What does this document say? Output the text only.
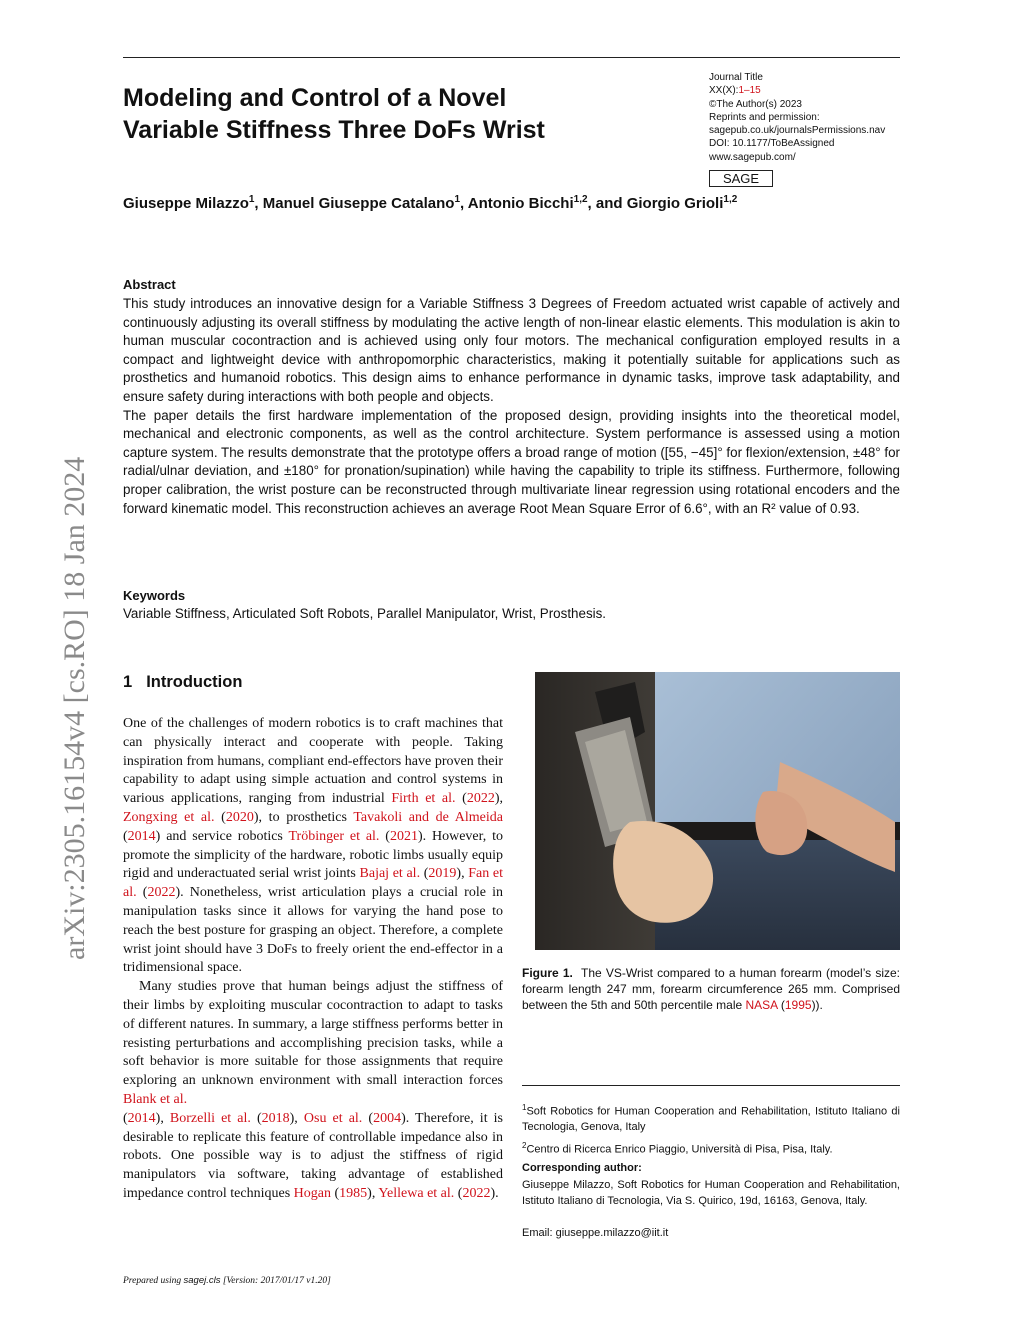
Modeling and Control of a Novel
Variable Stiffness Three DoFs Wrist
Journal Title
XX(X):1–15
©The Author(s) 2023
Reprints and permission:
sagepub.co.uk/journalsPermissions.nav
DOI: 10.1177/ToBeAssigned
www.sagepub.com/
SAGE
Giuseppe Milazzo$^1$, Manuel Giuseppe Catalano$^1$, Antonio Bicchi$^{1,2}$, and Giorgio Grioli$^{1,2}$
arXiv:2305.16154v4 [cs.RO] 18 Jan 2024
Abstract

This study introduces an innovative design for a Variable Stiffness 3 Degrees of Freedom actuated wrist capable of actively and continuously adjusting its overall stiffness by modulating the active length of non-linear elastic elements. This modulation is akin to human muscular cocontraction and is achieved using only four motors. The mechanical configuration employed results in a compact and lightweight device with anthropomorphic characteristics, making it potentially suitable for applications such as prosthetics and humanoid robotics. This design aims to enhance performance in dynamic tasks, improve task adaptability, and ensure safety during interactions with both people and objects.

The paper details the first hardware implementation of the proposed design, providing insights into the theoretical model, mechanical and electronic components, as well as the control architecture. System performance is assessed using a motion capture system. The results demonstrate that the prototype offers a broad range of motion ([55, −45]° for flexion/extension, ±48° for radial/ulnar deviation, and ±180° for pronation/supination) while having the capability to triple its stiffness. Furthermore, following proper calibration, the wrist posture can be reconstructed through multivariate linear regression using rotational encoders and the forward kinematic model. This reconstruction achieves an average Root Mean Square Error of 6.6°, with an R² value of 0.93.

Keywords
Variable Stiffness, Articulated Soft Robots, Parallel Manipulator, Wrist, Prosthesis.
1 Introduction

One of the challenges of modern robotics is to craft machines that can physically interact and cooperate with people. Taking inspiration from humans, compliant end-effectors have proven their capability to adapt using simple actuation and control systems in various applications, ranging from industrial Firth et al. (2022), Zongxing et al. (2020), to prosthetics Tavakoli and de Almeida (2014) and service robotics Tröbinger et al. (2021). However, to promote the simplicity of the hardware, robotic limbs usually equip rigid and underactuated serial wrist joints Bajaj et al. (2019), Fan et al. (2022). Nonetheless, wrist articulation plays a crucial role in manipulation tasks since it allows for varying the hand pose to reach the best posture for grasping an object. Therefore, a complete wrist joint should have 3 DoFs to freely orient the end-effector in a tridimensional space.

Many studies prove that human beings adjust the stiffness of their limbs by exploiting muscular cocontraction to adapt to tasks of different natures. In summary, a large stiffness performs better in resisting perturbations and accomplishing precision tasks, while a soft behavior is more suitable for those assignments that require exploring an unknown environment with small interaction forces Blank et al.
(2014), Borzelli et al. (2018), Osu et al. (2004). Therefore, it is desirable to replicate this feature of controllable impedance also in robots. One possible way is to adjust the stiffness of rigid manipulators via software, taking advantage of established impedance control techniques Hogan (1985), Yellewa et al. (2022).

Figure 1. The VS-Wrist compared to a human forearm (model’s size: forearm length 247 mm, forearm circumference 265 mm. Comprised between the 5th and 50th percentile male NASA (1995)).

$^1$Soft Robotics for Human Cooperation and Rehabilitation, Istituto Italiano di Tecnologia, Genova, Italy

$^2$Centro di Ricerca Enrico Piaggio, Università di Pisa, Pisa, Italy.

Corresponding author:
Giuseppe Milazzo, Soft Robotics for Human Cooperation and Rehabilitation, Istituto Italiano di Tecnologia, Via S. Quirico, 19d, 16163, Genova, Italy.
Email: giuseppe.milazzo@iit.it
Prepared using sagej.cls [Version: 2017/01/17 v1.20]
